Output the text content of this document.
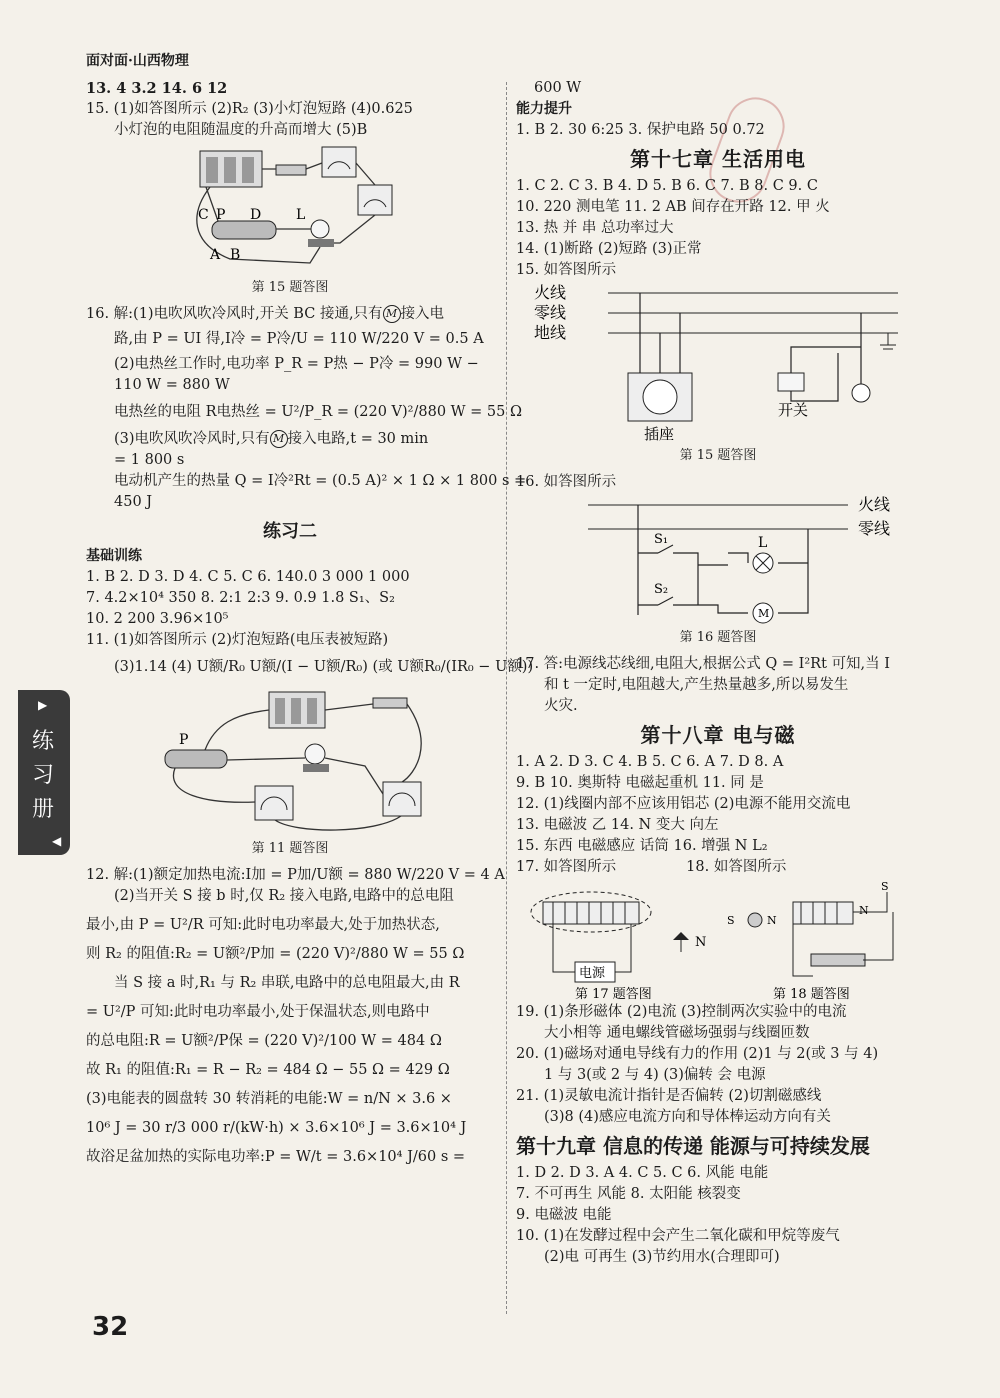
面对面·山西物理
13. 4 3.2 14. 6 12
15. (1)如答图所示 (2)R₂ (3)小灯泡短路 (4)0.625
小灯泡的电阻随温度的升高而增大 (5)B
C P D L
A B
第 15 题答图
16. 解:(1)电吹风吹冷风时,开关 BC 接通,只有 M 接入电
路,由 P = UI 得,I冷 = P冷/U = 110 W/220 V = 0.5 A
(2)电热丝工作时,电功率 P_R = P热 − P冷 = 990 W −
110 W = 880 W
电热丝的电阻 R电热丝 = U²/P_R = (220 V)²/880 W = 55 Ω
(3)电吹风吹冷风时,只有 M 接入电路,t = 30 min
= 1 800 s
电动机产生的热量 Q = I冷²Rt = (0.5 A)² × 1 Ω × 1 800 s =
450 J
练习二
基础训练
1. B 2. D 3. D 4. C 5. C 6. 140.0 3 000 1 000
7. 4.2×10⁴ 350 8. 2:1 2:3 9. 0.9 1.8 S₁、S₂
10. 2 200 3.96×10⁵
11. (1)如答图所示 (2)灯泡短路(电压表被短路)
(3)1.14 (4) U额/R₀ U额/(I − U额/R₀) (或 U额R₀/(IR₀ − U额))
P
第 11 题答图
12. 解:(1)额定加热电流:I加 = P加/U额 = 880 W/220 V = 4 A
(2)当开关 S 接 b 时,仅 R₂ 接入电路,电路中的总电阻
最小,由 P = U²/R 可知:此时电功率最大,处于加热状态,
则 R₂ 的阻值:R₂ = U额²/P加 = (220 V)²/880 W = 55 Ω
当 S 接 a 时,R₁ 与 R₂ 串联,电路中的总电阻最大,由 R
= U²/P 可知:此时电功率最小,处于保温状态,则电路中
的总电阻:R = U额²/P保 = (220 V)²/100 W = 484 Ω
故 R₁ 的阻值:R₁ = R − R₂ = 484 Ω − 55 Ω = 429 Ω
(3)电能表的圆盘转 30 转消耗的电能:W = n/N × 3.6 ×
10⁶ J = 30 r/3 000 r/(kW·h) × 3.6×10⁶ J = 3.6×10⁴ J
故浴足盆加热的实际电功率:P = W/t = 3.6×10⁴ J/60 s =
600 W
能力提升
1. B 2. 30 6:25 3. 保护电路 50 0.72
第十七章 生活用电
1. C 2. C 3. B 4. D 5. B 6. C 7. B 8. C 9. C
10. 220 测电笔 11. 2 AB 间存在开路 12. 甲 火
13. 热 并 串 总功率过大
14. (1)断路 (2)短路 (3)正常
15. 如答图所示
火线
零线
地线
插座
开关
第 15 题答图
16. 如答图所示
火线
零线
S₁
S₂
L
M
第 16 题答图
17. 答:电源线芯线细,电阻大,根据公式 Q = I²Rt 可知,当 I
和 t 一定时,电阻越大,产生热量越多,所以易发生
火灾.
第十八章 电与磁
1. A 2. D 3. C 4. B 5. C 6. A 7. D 8. A
9. B 10. 奥斯特 电磁起重机 11. 同 是
12. (1)线圈内部不应该用铝芯 (2)电源不能用交流电
13. 电磁波 乙 14. N 变大 向左
15. 东西 电磁感应 话筒 16. 增强 N L₂
17. 如答图所示	18. 如答图所示
电源
N
S
N
S	N
第 17 题答图	第 18 题答图
19. (1)条形磁体 (2)电流 (3)控制两次实验中的电流
大小相等 通电螺线管磁场强弱与线圈匝数
20. (1)磁场对通电导线有力的作用 (2)1 与 2(或 3 与 4)
1 与 3(或 2 与 4) (3)偏转 会 电源
21. (1)灵敏电流计指针是否偏转 (2)切割磁感线
(3)8 (4)感应电流方向和导体棒运动方向有关
第十九章 信息的传递 能源与可持续发展
1. D 2. D 3. A 4. C 5. C 6. 风能 电能
7. 不可再生 风能 8. 太阳能 核裂变
9. 电磁波 电能
10. (1)在发酵过程中会产生二氧化碳和甲烷等废气
(2)电 可再生 (3)节约用水(合理即可)
▶
练
习
册
◀
32
